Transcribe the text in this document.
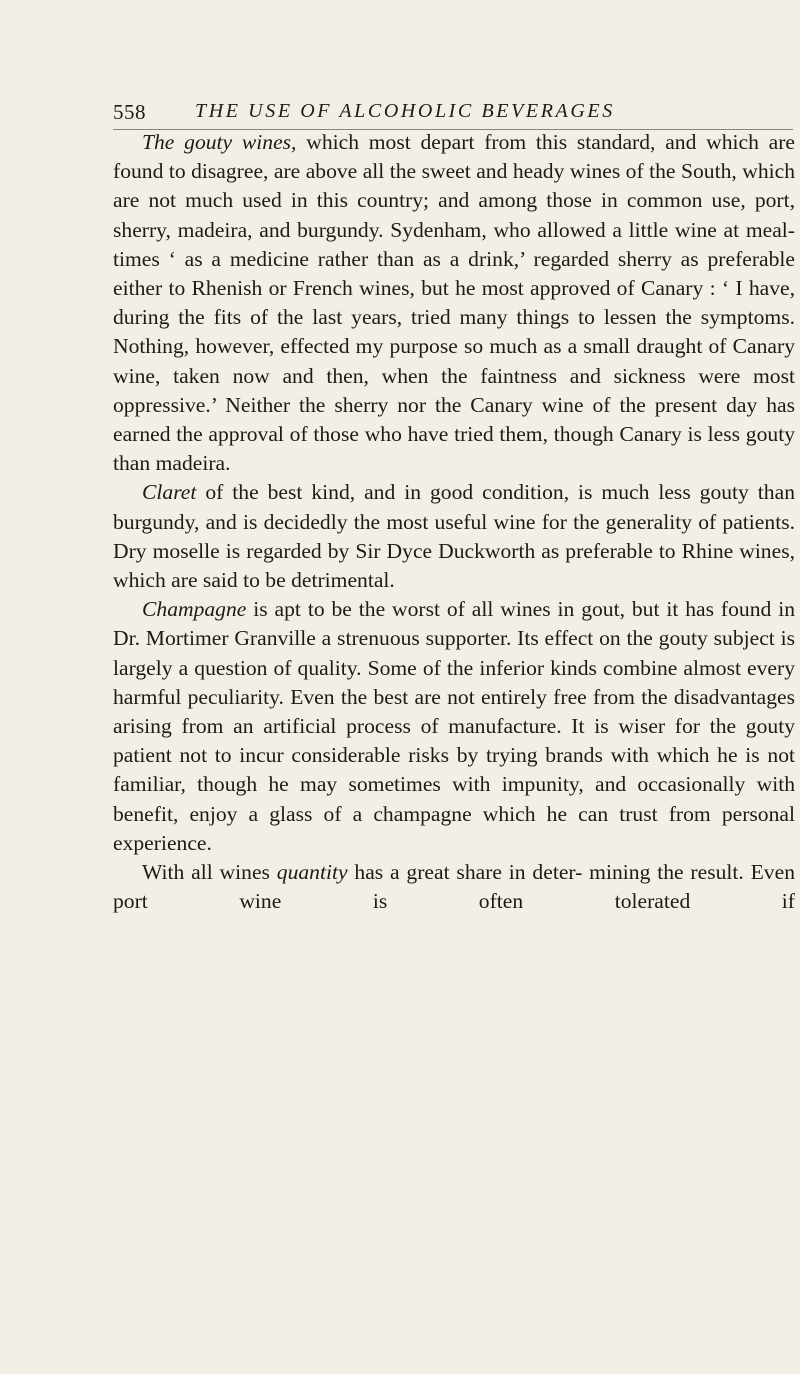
558 THE USE OF ALCOHOLIC BEVERAGES

The gouty wines, which most depart from this standard, and which are found to disagree, are above all the sweet and heady wines of the South, which are not much used in this country; and among those in common use, port, sherry, madeira, and burgundy. Sydenham, who allowed a little wine at meal-times ‘ as a medicine rather than as a drink,’ regarded sherry as preferable either to Rhenish or French wines, but he most approved of Canary : ‘ I have, during the fits of the last years, tried many things to lessen the symptoms. Nothing, however, effected my purpose so much as a small draught of Canary wine, taken now and then, when the faintness and sickness were most oppressive.’ Neither the sherry nor the Canary wine of the present day has earned the approval of those who have tried them, though Canary is less gouty than madeira.

Claret of the best kind, and in good condition, is much less gouty than burgundy, and is decidedly the most useful wine for the generality of patients. Dry moselle is regarded by Sir Dyce Duckworth as preferable to Rhine wines, which are said to be detrimental.

Champagne is apt to be the worst of all wines in gout, but it has found in Dr. Mortimer Granville a strenuous supporter. Its effect on the gouty subject is largely a question of quality. Some of the inferior kinds combine almost every harmful peculiarity. Even the best are not entirely free from the disadvantages arising from an artificial process of manufacture. It is wiser for the gouty patient not to incur considerable risks by trying brands with which he is not familiar, though he may sometimes with impunity, and occasionally with benefit, enjoy a glass of a champagne which he can trust from personal experience.

With all wines quantity has a great share in deter- mining the result. Even port wine is often tolerated if
